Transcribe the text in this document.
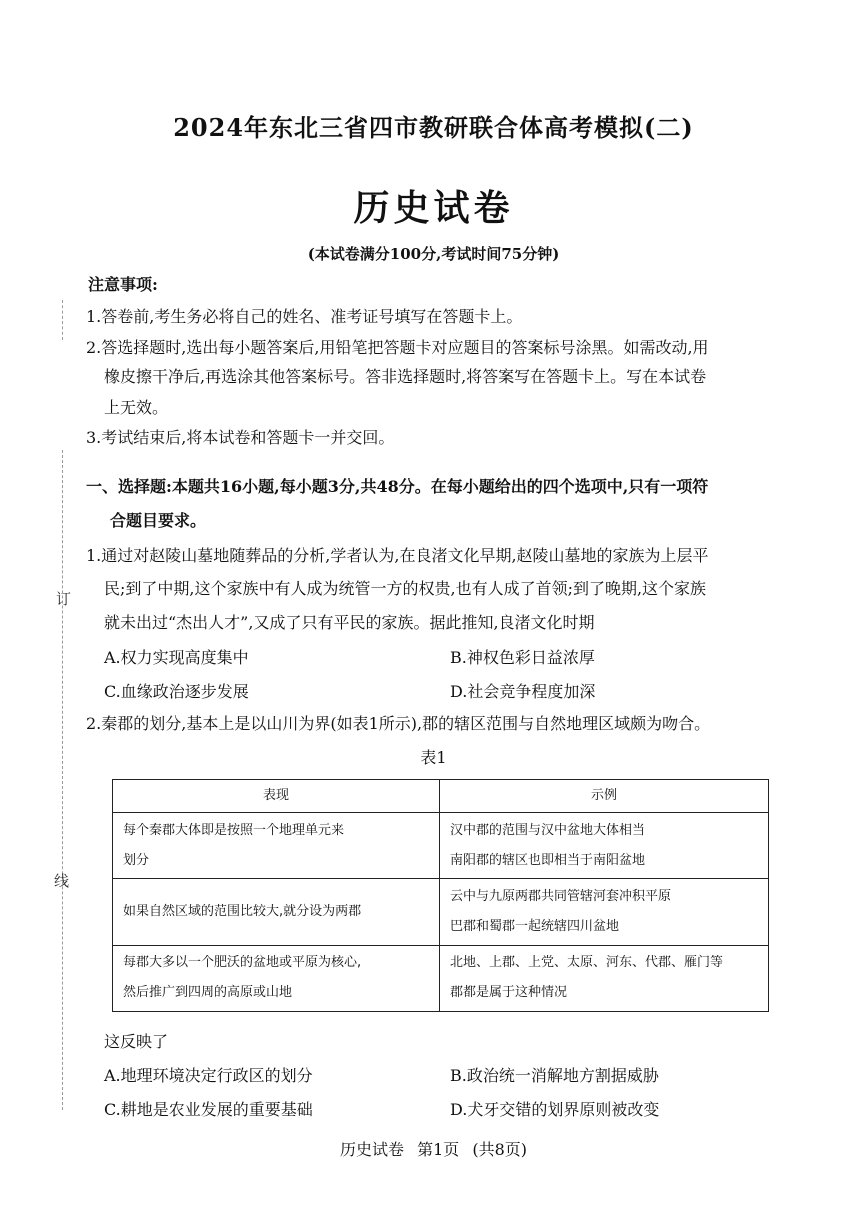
订
线
2024年东北三省四市教研联合体高考模拟(二)
历史试卷
(本试卷满分100分,考试时间75分钟)
注意事项:
1.答卷前,考生务必将自己的姓名、准考证号填写在答题卡上。
2.答选择题时,选出每小题答案后,用铅笔把答题卡对应题目的答案标号涂黑。如需改动,用
橡皮擦干净后,再选涂其他答案标号。答非选择题时,将答案写在答题卡上。写在本试卷
上无效。
3.考试结束后,将本试卷和答题卡一并交回。
一、选择题:本题共16小题,每小题3分,共48分。在每小题给出的四个选项中,只有一项符
合题目要求。
1.通过对赵陵山墓地随葬品的分析,学者认为,在良渚文化早期,赵陵山墓地的家族为上层平
民;到了中期,这个家族中有人成为统管一方的权贵,也有人成了首领;到了晚期,这个家族
就未出过“杰出人才”,又成了只有平民的家族。据此推知,良渚文化时期
A.权力实现高度集中	B.神权色彩日益浓厚
C.血缘政治逐步发展	D.社会竞争程度加深
2.秦郡的划分,基本上是以山川为界(如表1所示),郡的辖区范围与自然地理区域颇为吻合。
表1
表现	示例

每个秦郡大体即是按照一个地理单元来
划分	汉中郡的范围与汉中盆地大体相当
南阳郡的辖区也即相当于南阳盆地

如果自然区域的范围比较大,就分设为两郡	云中与九原两郡共同管辖河套冲积平原
巴郡和蜀郡一起统辖四川盆地

每郡大多以一个肥沃的盆地或平原为核心,
然后推广到四周的高原或山地	北地、上郡、上党、太原、河东、代郡、雁门等
郡都是属于这种情况
这反映了
A.地理环境决定行政区的划分	B.政治统一消解地方割据威胁
C.耕地是农业发展的重要基础	D.犬牙交错的划界原则被改变
历史试卷 第1页 (共8页)
